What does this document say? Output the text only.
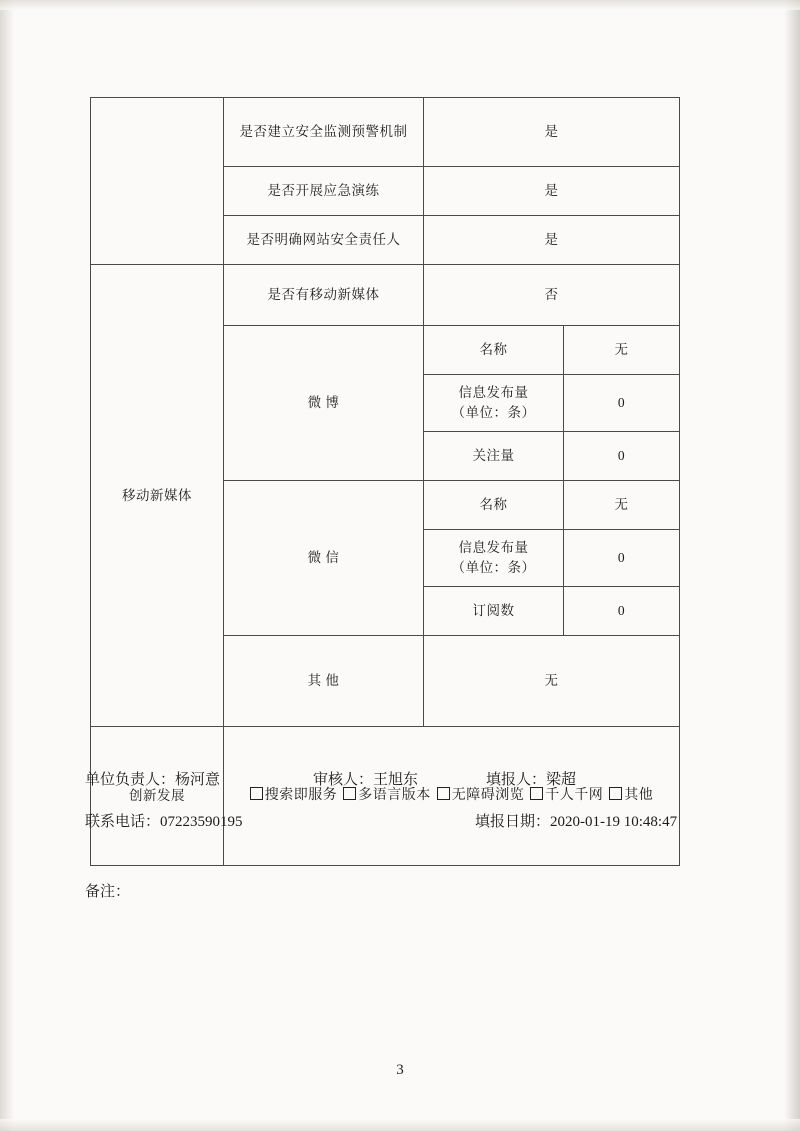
	是否建立安全监测预警机制	是	
	是否开展应急演练	是	
	是否明确网站安全责任人	是	
移动新媒体	是否有移动新媒体	否	
	微 博	名称	无

		信息发布量
（单位：条）	0
		关注量	0
	微 信	名称	无

		信息发布量
（单位：条）	0
		订阅数	0
	其 他	无	
创新发展	搜索即服务 多语言版本 无障碍浏览 千人千网 其他		
单位负责人：杨河意	审核人：王旭东	填报人：梁超
联系电话：07223590195	填报日期：2020-01-19 10:48:47
备注：
3
